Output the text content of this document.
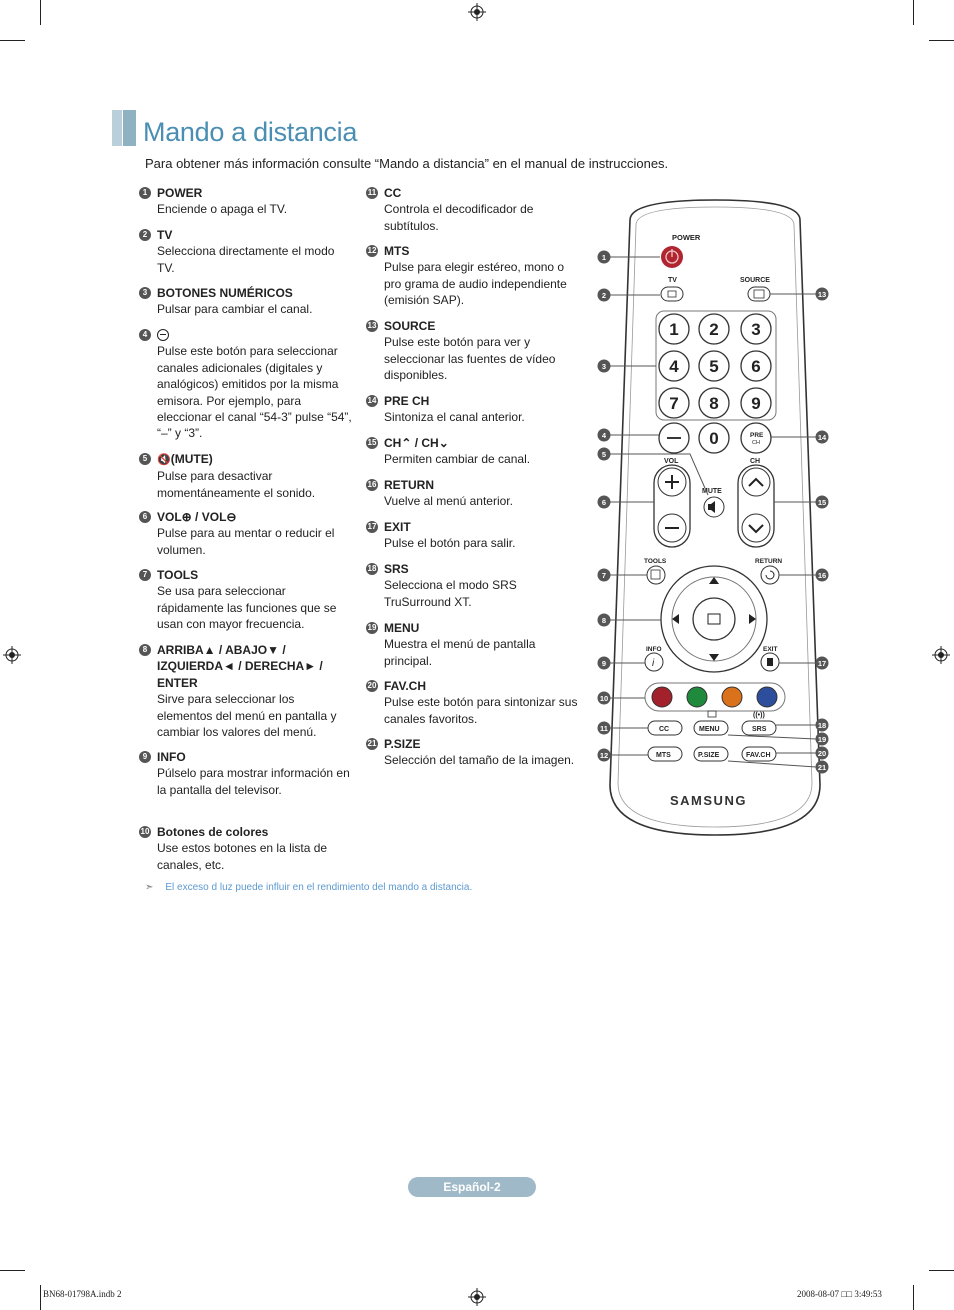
Mando a distancia
Para obtener más información consulte “Mando a distancia” en el manual de instrucciones.
1 POWER
Enciende o apaga el TV.
2 TV
Selecciona directamente el modo TV.
3 BOTONES NUMÉRICOS
Pulsar para cambiar el canal.
4
Pulse este botón para seleccionar canales adicionales (digitales y analógicos) emitidos por la misma emisora. Por ejemplo, para eleccionar el canal “54-3” pulse “54”, “–” y “3”.
5 🔇(MUTE)
Pulse para desactivar momentáneamente el sonido.
6 VOL⊕ / VOL⊖
Pulse para au mentar o reducir el volumen.
7 TOOLS
Se usa para seleccionar rápidamente las funciones que se usan con mayor frecuencia.
8 ARRIBA▲ / ABAJO▼ / IZQUIERDA◄ / DERECHA► / ENTER
Sirve para seleccionar los elementos del menú en pantalla y cambiar los valores del menú.
9 INFO
Púlselo para mostrar información en la pantalla del televisor.
10 Botones de colores
Use estos botones en la lista de canales, etc.
11 CC
Controla el decodificador de subtítulos.
12 MTS
Pulse para elegir estéreo, mono o pro grama de audio independiente (emisión SAP).
13 SOURCE
Pulse este botón para ver y seleccionar las fuentes de vídeo disponibles.
14 PRE CH
Sintoniza el canal anterior.
15 CH⌃ / CH⌄
Permiten cambiar de canal.
16 RETURN
Vuelve al menú anterior.
17 EXIT
Pulse el botón para salir.
18 SRS
Selecciona el modo SRS TruSurround XT.
19 MENU
Muestra el menú de pantalla principal.
20 FAV.CH
Pulse este botón para sintonizar sus canales favoritos.
21 P.SIZE
Selección del tamaño de la imagen.
POWER
TV	SOURCE
1 2 3
4 5 6
7 8 9
0	PRE
CH
VOL	CH
MUTE
TOOLS	RETURN
INFO
i
EXIT
CC	MENU
((•))
SRS
MTS	P.SIZE	FAV.CH
SAMSUNG
1
2
3
4
5
6
7
8
9
10
11
12
13
14
15
16
17
18
19
20
21
➣ El exceso d luz puede influir en el rendimiento del mando a distancia.
Español-2
BN68-01798A.indb 2	2008-08-07 □□ 3:49:53
